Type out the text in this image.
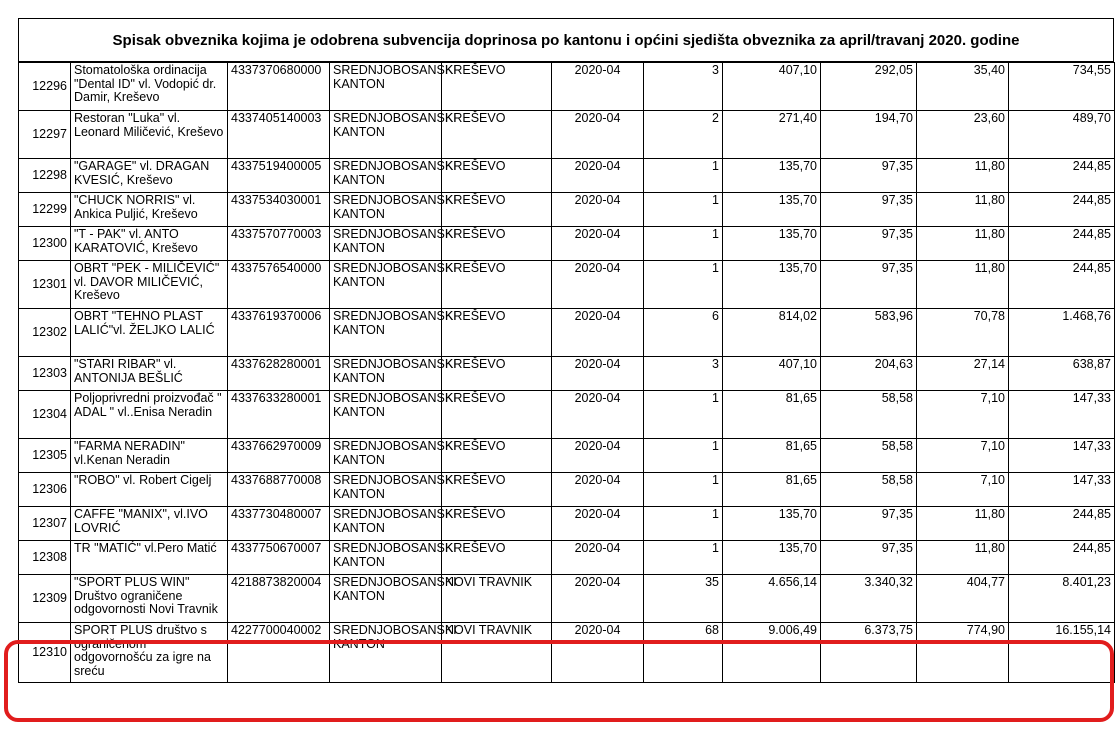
Spisak obveznika kojima je odobrena subvencija doprinosa po kantonu i općini sjedišta obveznika za april/travanj 2020. godine
12296	Stomatološka ordinacija "Dental ID" vl. Vodopić dr. Damir, Kreševo	4337370680000	SREDNJOBOSANSKI KANTON	KREŠEVO	2020-04	3	407,10	292,05	35,40	734,55

12297	Restoran "Luka" vl. Leonard Miličević, Kreševo	4337405140003	SREDNJOBOSANSKI KANTON	KREŠEVO	2020-04	2	271,40	194,70	23,60	489,70

12298	"GARAGE" vl. DRAGAN KVESIĆ, Kreševo	4337519400005	SREDNJOBOSANSKI KANTON	KREŠEVO	2020-04	1	135,70	97,35	11,80	244,85

12299	"CHUCK NORRIS" vl. Ankica Puljić, Kreševo	4337534030001	SREDNJOBOSANSKI KANTON	KREŠEVO	2020-04	1	135,70	97,35	11,80	244,85

12300	"T - PAK" vl. ANTO KARATOVIĆ, Kreševo	4337570770003	SREDNJOBOSANSKI KANTON	KREŠEVO	2020-04	1	135,70	97,35	11,80	244,85

12301	OBRT "PEK - MILIČEVIĆ" vl. DAVOR MILIČEVIĆ, Kreševo	4337576540000	SREDNJOBOSANSKI KANTON	KREŠEVO	2020-04	1	135,70	97,35	11,80	244,85

12302	OBRT "TEHNO PLAST LALIĆ"vl. ŽELJKO LALIĆ	4337619370006	SREDNJOBOSANSKI KANTON	KREŠEVO	2020-04	6	814,02	583,96	70,78	1.468,76

12303	"STARI RIBAR" vl. ANTONIJA BEŠLIĆ	4337628280001	SREDNJOBOSANSKI KANTON	KREŠEVO	2020-04	3	407,10	204,63	27,14	638,87

12304	Poljoprivredni proizvođač " ADAL " vl..Enisa Neradin	4337633280001	SREDNJOBOSANSKI KANTON	KREŠEVO	2020-04	1	81,65	58,58	7,10	147,33

12305	"FARMA NERADIN" vl.Kenan Neradin	4337662970009	SREDNJOBOSANSKI KANTON	KREŠEVO	2020-04	1	81,65	58,58	7,10	147,33

12306	"ROBO" vl. Robert Cigelj	4337688770008	SREDNJOBOSANSKI KANTON	KREŠEVO	2020-04	1	81,65	58,58	7,10	147,33

12307	CAFFE "MANIX", vl.IVO LOVRIĆ	4337730480007	SREDNJOBOSANSKI KANTON	KREŠEVO	2020-04	1	135,70	97,35	11,80	244,85

12308	TR "MATIĆ" vl.Pero Matić	4337750670007	SREDNJOBOSANSKI KANTON	KREŠEVO	2020-04	1	135,70	97,35	11,80	244,85

12309	"SPORT PLUS WIN" Društvo ograničene odgovornosti Novi Travnik	4218873820004	SREDNJOBOSANSKI KANTON	NOVI TRAVNIK	2020-04	35	4.656,14	3.340,32	404,77	8.401,23

12310	SPORT PLUS društvo s ograničenom odgovornošću za igre na sreću	4227700040002	SREDNJOBOSANSKI KANTON	NOVI TRAVNIK	2020-04	68	9.006,49	6.373,75	774,90	16.155,14
